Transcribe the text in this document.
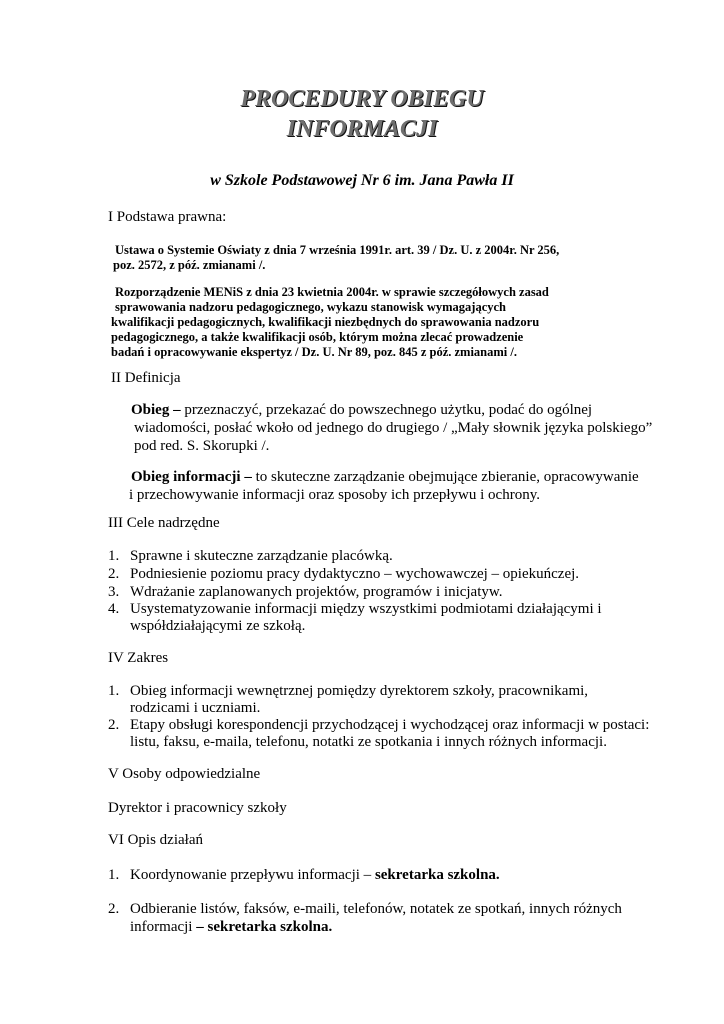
PROCEDURY OBIEGU
INFORMACJI
w Szkole Podstawowej Nr 6 im. Jana Pawła II
I Podstawa prawna:
Ustawa o Systemie Oświaty z dnia 7 września 1991r. art. 39 / Dz. U. z 2004r. Nr 256,
poz. 2572, z póź. zmianami /.
Rozporządzenie MENiS z dnia 23 kwietnia 2004r. w sprawie szczegółowych zasad
sprawowania nadzoru pedagogicznego, wykazu stanowisk wymagających
kwalifikacji pedagogicznych, kwalifikacji niezbędnych do sprawowania nadzoru
pedagogicznego, a także kwalifikacji osób, którym można zlecać prowadzenie
badań i opracowywanie ekspertyz / Dz. U. Nr 89, poz. 845 z póź. zmianami /.
II Definicja
Obieg – przeznaczyć, przekazać do powszechnego użytku, podać do ogólnej
wiadomości, posłać wkoło od jednego do drugiego / „Mały słownik języka polskiego”
pod red. S. Skorupki /.
Obieg informacji – to skuteczne zarządzanie obejmujące zbieranie, opracowywanie
i przechowywanie informacji oraz sposoby ich przepływu i ochrony.
III Cele nadrzędne
1. Sprawne i skuteczne zarządzanie placówką.
2. Podniesienie poziomu pracy dydaktyczno – wychowawczej – opiekuńczej.
3. Wdrażanie zaplanowanych projektów, programów i inicjatyw.
4. Usystematyzowanie informacji między wszystkimi podmiotami działającymi i
współdziałającymi ze szkołą.
IV Zakres
1. Obieg informacji wewnętrznej pomiędzy dyrektorem szkoły, pracownikami,
rodzicami i uczniami.
2. Etapy obsługi korespondencji przychodzącej i wychodzącej oraz informacji w postaci:
listu, faksu, e-maila, telefonu, notatki ze spotkania i innych różnych informacji.
V Osoby odpowiedzialne
Dyrektor i pracownicy szkoły
VI Opis działań
1. Koordynowanie przepływu informacji – sekretarka szkolna.
2. Odbieranie listów, faksów, e-maili, telefonów, notatek ze spotkań, innych różnych
informacji – sekretarka szkolna.
